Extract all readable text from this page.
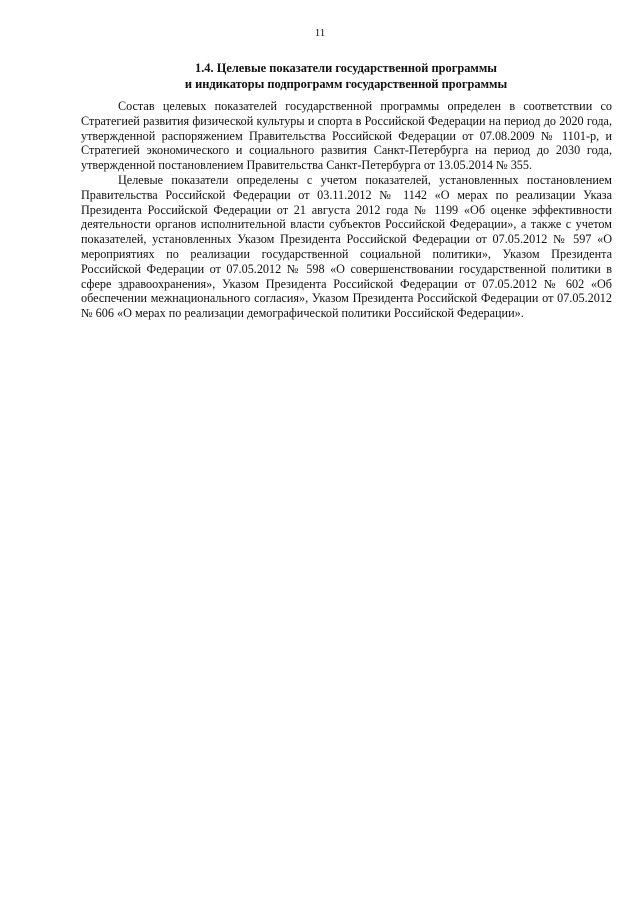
11
1.4. Целевые показатели государственной программы
и индикаторы подпрограмм государственной программы

Состав целевых показателей государственной программы определен в соответствии со Стратегией развития физической культуры и спорта в Российской Федерации на период до 2020 года, утвержденной распоряжением Правительства Российской Федерации от 07.08.2009 № 1101-р, и Стратегией экономического и социального развития Санкт-Петербурга на период до 2030 года, утвержденной постановлением Правительства Санкт-Петербурга от 13.05.2014 № 355.

Целевые показатели определены с учетом показателей, установленных постановлением Правительства Российской Федерации от 03.11.2012 № 1142 «О мерах по реализации Указа Президента Российской Федерации от 21 августа 2012 года № 1199 «Об оценке эффективности деятельности органов исполнительной власти субъектов Российской Федерации», а также с учетом показателей, установленных Указом Президента Российской Федерации от 07.05.2012 № 597 «О мероприятиях по реализации государственной социальной политики», Указом Президента Российской Федерации от 07.05.2012 № 598 «О совершенствовании государственной политики в сфере здравоохранения», Указом Президента Российской Федерации от 07.05.2012 № 602 «Об обеспечении межнационального согласия», Указом Президента Российской Федерации от 07.05.2012 № 606 «О мерах по реализации демографической политики Российской Федерации».
